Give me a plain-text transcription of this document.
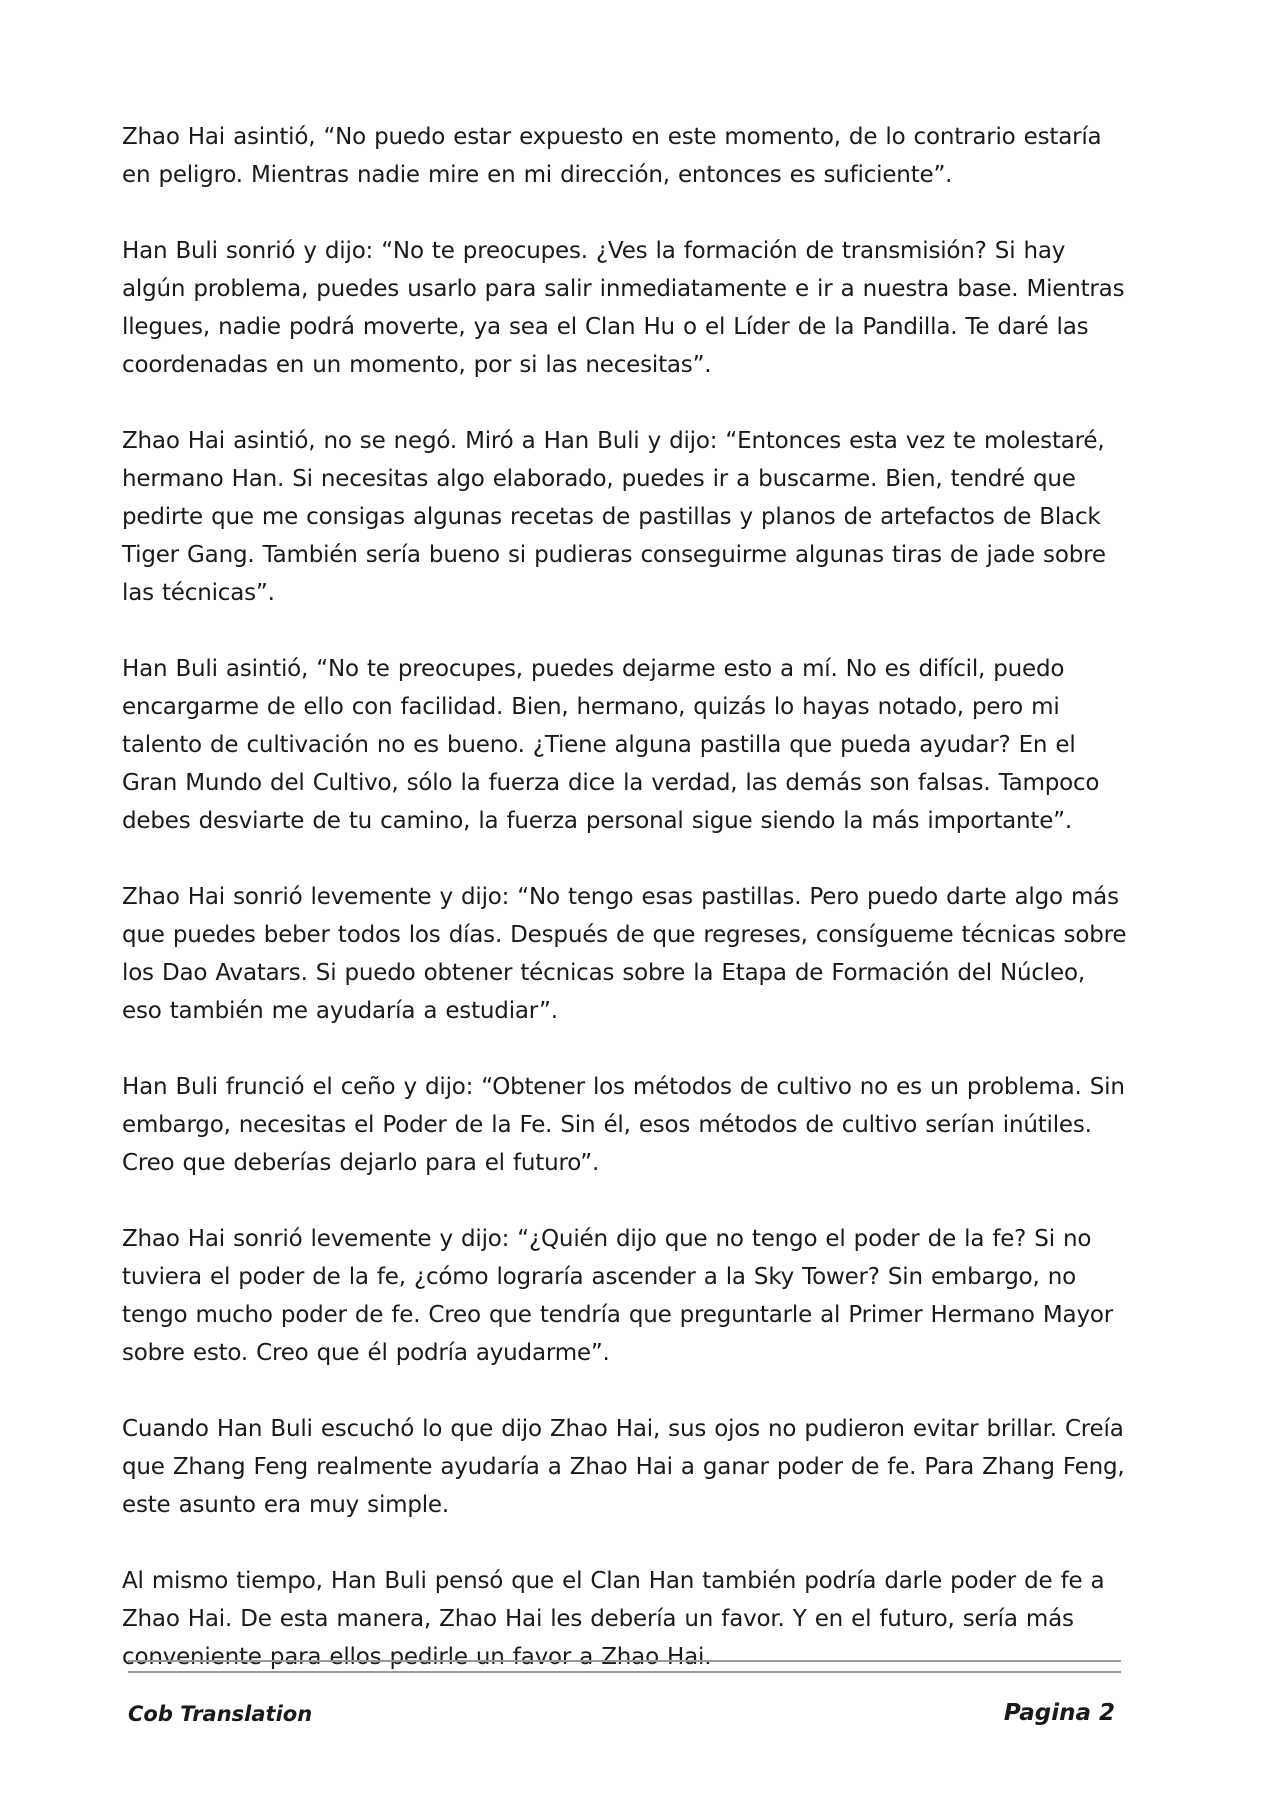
Zhao Hai asintió, “No puedo estar expuesto en este momento, de lo contrario estaría en peligro. Mientras nadie mire en mi dirección, entonces es suficiente”.

Han Buli sonrió y dijo: “No te preocupes. ¿Ves la formación de transmisión? Si hay algún problema, puedes usarlo para salir inmediatamente e ir a nuestra base. Mientras llegues, nadie podrá moverte, ya sea el Clan Hu o el Líder de la Pandilla. Te daré las coordenadas en un momento, por si las necesitas”.

Zhao Hai asintió, no se negó. Miró a Han Buli y dijo: “Entonces esta vez te molestaré, hermano Han. Si necesitas algo elaborado, puedes ir a buscarme. Bien, tendré que pedirte que me consigas algunas recetas de pastillas y planos de artefactos de Black Tiger Gang. También sería bueno si pudieras conseguirme algunas tiras de jade sobre las técnicas”.

Han Buli asintió, “No te preocupes, puedes dejarme esto a mí. No es difícil, puedo encargarme de ello con facilidad. Bien, hermano, quizás lo hayas notado, pero mi talento de cultivación no es bueno. ¿Tiene alguna pastilla que pueda ayudar? En el Gran Mundo del Cultivo, sólo la fuerza dice la verdad, las demás son falsas. Tampoco debes desviarte de tu camino, la fuerza personal sigue siendo la más importante”.

Zhao Hai sonrió levemente y dijo: “No tengo esas pastillas. Pero puedo darte algo más que puedes beber todos los días. Después de que regreses, consígueme técnicas sobre los Dao Avatars. Si puedo obtener técnicas sobre la Etapa de Formación del Núcleo, eso también me ayudaría a estudiar”.

Han Buli frunció el ceño y dijo: “Obtener los métodos de cultivo no es un problema. Sin embargo, necesitas el Poder de la Fe. Sin él, esos métodos de cultivo serían inútiles. Creo que deberías dejarlo para el futuro”.

Zhao Hai sonrió levemente y dijo: “¿Quién dijo que no tengo el poder de la fe? Si no tuviera el poder de la fe, ¿cómo lograría ascender a la Sky Tower? Sin embargo, no tengo mucho poder de fe. Creo que tendría que preguntarle al Primer Hermano Mayor sobre esto. Creo que él podría ayudarme”.

Cuando Han Buli escuchó lo que dijo Zhao Hai, sus ojos no pudieron evitar brillar. Creía que Zhang Feng realmente ayudaría a Zhao Hai a ganar poder de fe. Para Zhang Feng, este asunto era muy simple.

Al mismo tiempo, Han Buli pensó que el Clan Han también podría darle poder de fe a Zhao Hai. De esta manera, Zhao Hai les debería un favor. Y en el futuro, sería más conveniente para ellos pedirle un favor a Zhao Hai.

Cob Translation	Pagina 2
